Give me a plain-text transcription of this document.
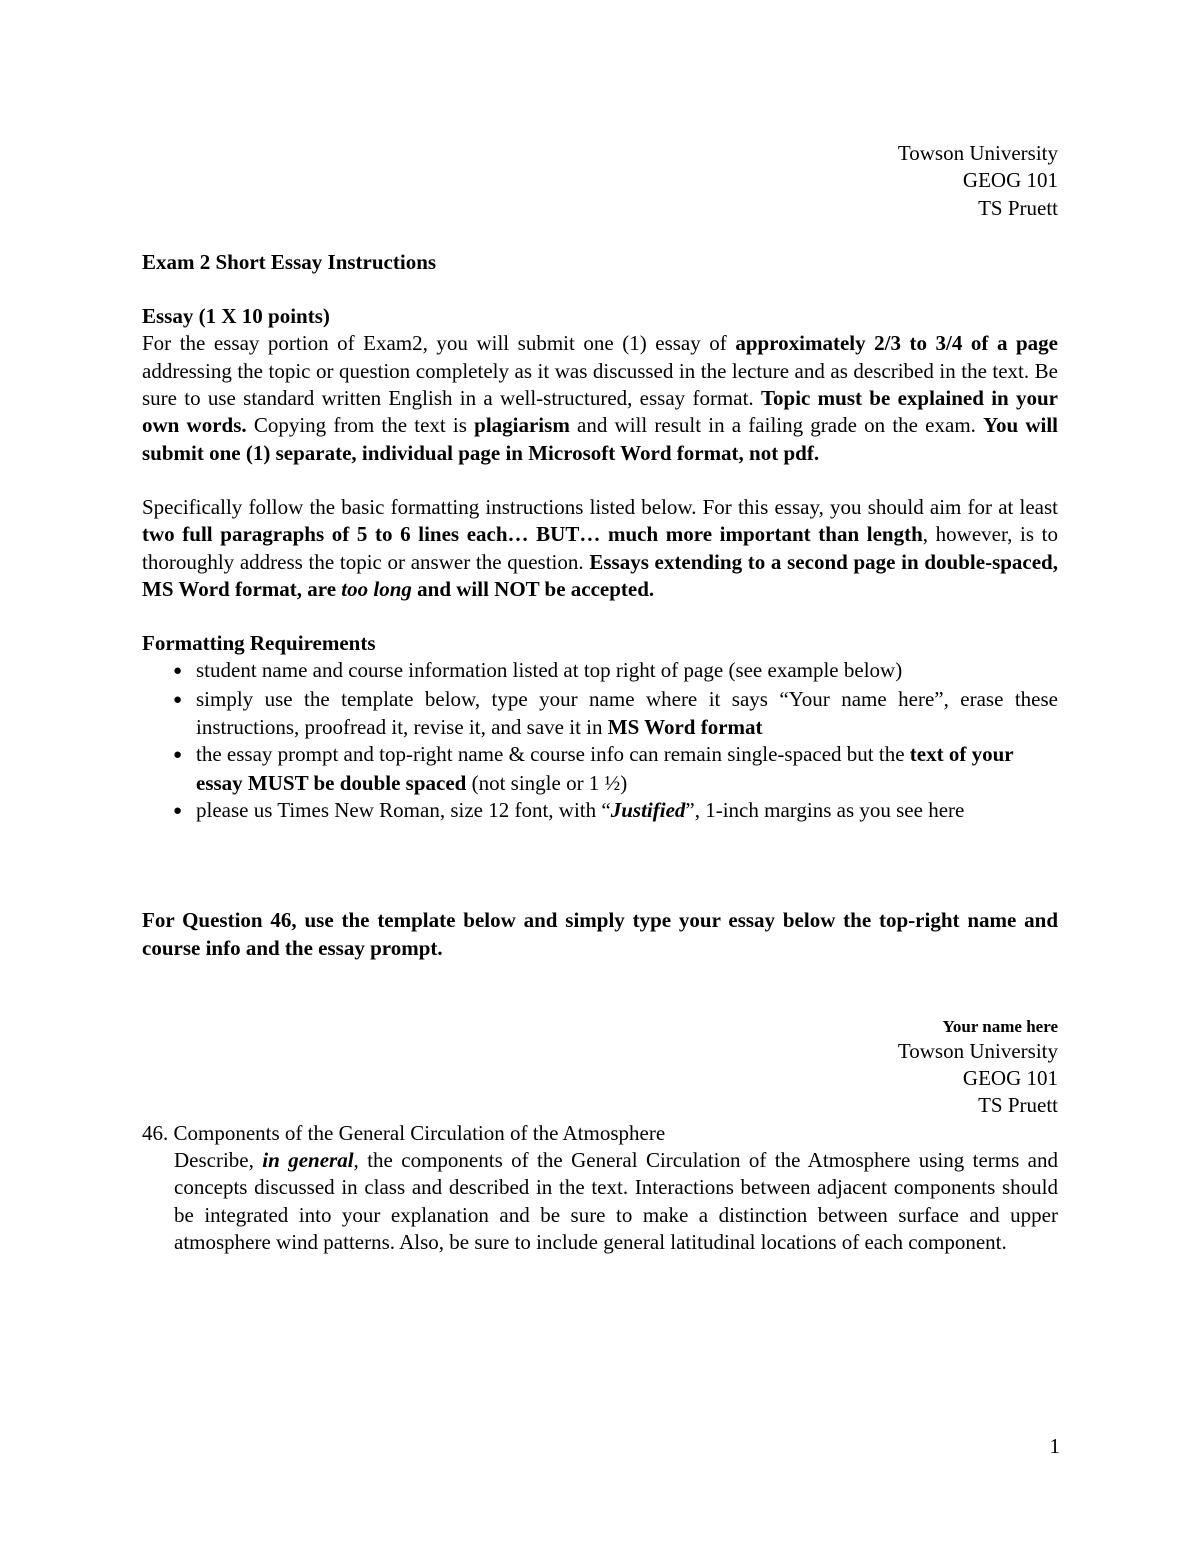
Towson University
GEOG 101
TS Pruett
Exam 2 Short Essay Instructions
Essay (1 X 10 points)

For the essay portion of Exam2, you will submit one (1) essay of approximately 2/3 to 3/4 of a page addressing the topic or question completely as it was discussed in the lecture and as described in the text. Be sure to use standard written English in a well-structured, essay format. Topic must be explained in your own words. Copying from the text is plagiarism and will result in a failing grade on the exam. You will submit one (1) separate, individual page in Microsoft Word format, not pdf.

Specifically follow the basic formatting instructions listed below. For this essay, you should aim for at least two full paragraphs of 5 to 6 lines each… BUT… much more important than length, however, is to thoroughly address the topic or answer the question. Essays extending to a second page in double-spaced, MS Word format, are too long and will NOT be accepted.

Formatting Requirements
● student name and course information listed at top right of page (see example below)
● simply use the template below, type your name where it says “Your name here”, erase these instructions, proofread it, revise it, and save it in MS Word format
● the essay prompt and top-right name & course info can remain single-spaced but the text of your essay MUST be double spaced (not single or 1 ½)
● please us Times New Roman, size 12 font, with “Justified”, 1-inch margins as you see here
For Question 46, use the template below and simply type your essay below the top-right name and course info and the essay prompt.
Your name here
Towson University
GEOG 101
TS Pruett
46. Components of the General Circulation of the Atmosphere
Describe, in general, the components of the General Circulation of the Atmosphere using terms and concepts discussed in class and described in the text. Interactions between adjacent components should be integrated into your explanation and be sure to make a distinction between surface and upper atmosphere wind patterns. Also, be sure to include general latitudinal locations of each component.
1
